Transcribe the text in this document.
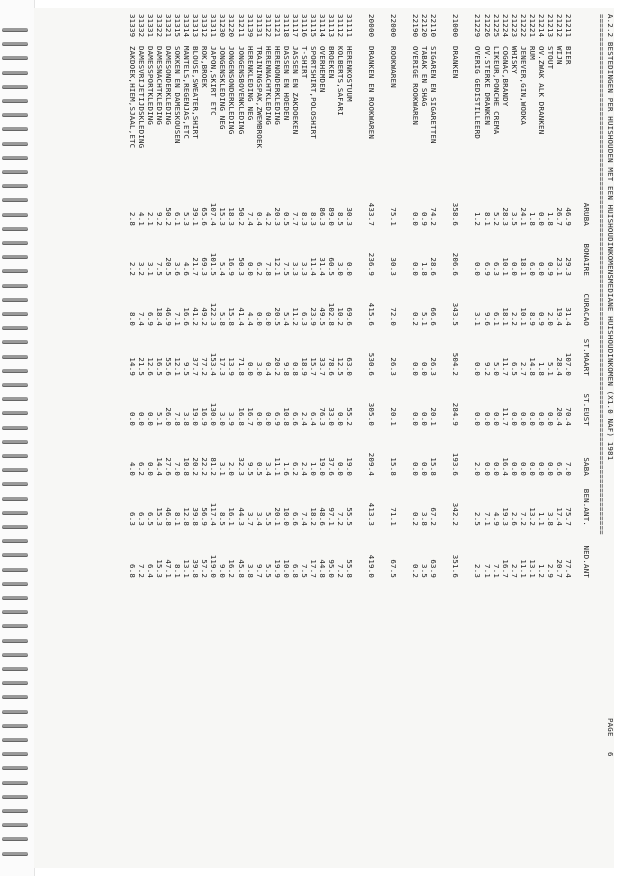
A.2.2 BESTEDINGEN PER HUISHOUDEN MET EEN HUISHOUDINKOMENSMEDIANE HUISHOUDINKOMEN (X1.0 NAF) 1981
================================================================================================================
PAGE
6
ARUBA
BONAIRE
CURACAO
ST.MAART
ST.EUST
SABA
BEN.ANT.
NED.ANT
21211
BIER
46.9
29.3
31.4
107.0
70.4
7.0
75.7
77.4
21212
WIJN
26.7
23.1
19.4
28.4
20.4
6.6
17.4
20.7
21213
STOUT
1.8
0.9
2.0
5.1
0.0
0.0
3.8
2.9
21214
OV.ZWAK ALK DRANKEN
0.0
0.0
0.9
1.8
0.0
0.0
1.1
1.2
21221
RUM
1.8
6.0
8.9
14.8
0.0
0.0
13.2
13.1
21222
JENEVER,GIN,WODKA
24.1
18.1
10.1
2.7
0.0
0.0
7.2
11.1
21223
WHISKY
3.5
0.0
2.2
6.5
0.0
0.0
2.6
2.7
21224
COGNAC,BRANDY
28.3
10.1
18.1
11.7
11.7
16.4
19.3
16.7
21225
LIKEUR,PONCHE CREMA
5.2
6.3
6.1
5.0
0.0
0.0
4.9
7.1
21226
OV.STERKE DRANKEN
8.1
6.9
9.6
9.2
0.0
0.0
7.1
7.1
21229
OVERIG GEDISTILLEERD
1.2
0.0
3.1
0.0
0.0
2.0
2.5
2.3
21000
DRANKEN
358.6
206.6
343.5
504.2
284.9
193.6
342.2
351.6
22110
SIGAREN EN SIGARETTEN
74.2
28.6
66.6
26.3
20.1
15.8
67.2
63.9
22120
TABAK EN SHAG
0.9
1.8
5.1
0.0
0.0
0.0
3.8
3.5
22190
OVERIGE ROOKWAREN
0.0
0.0
0.2
0.0
0.0
0.0
0.2
0.2
22000
ROOKWAREN
75.1
30.3
72.0
26.3
20.1
15.8
71.1
67.5
20000
DRANKEN EN ROOKWAREN
433.7
236.9
415.6
530.6
305.0
209.4
413.3
419.0
31111
HERENKOSTUUM
30.3
0.0
69.6
63.0
55.2
19.0
55.5
55.8
31112
KOLBERTS,SAFARI
8.5
3.0
10.2
12.5
0.0
0.0
7.2
7.2
31113
BROEKEN
89.0
60.5
102.8
78.6
33.0
37.6
97.1
95.0
31114
OVERHEMDEN
86.3
31.4
49.5
33.7
76.3
19.0
48.6
44.8
31115
SPORTSHIRT,POLOSHIRT
8.3
11.4
23.9
15.7
6.4
1.0
18.2
17.7
31116
T-SHIRT
8.3
3.3
6.3
18.9
2.4
2.4
7.4
7.5
31117
JASSEN EN ZAKDOEKEN
7.7
3.3
11.2
0.8
6.6
6.2
6.6
6.8
31118
DASSEN EN HOEDEN
0.5
7.5
5.4
9.8
10.8
1.6
10.0
10.0
31121
HERENONDERKLEDING
20.3
12.1
20.5
20.2
6.9
11.1
20.1
19.9
31122
HERENNACHTKLEDING
4.2
7.8
0.0
0.4
0.0
3.4
5.5
5.5
31131
TRAININGSPAK,ZWEMBROEK
0.4
6.2
0.0
3.0
0.0
0.5
3.4
9.7
31139
HERENKLEDING NEG
7.4
0.0
4.4
0.0
16.7
9.5
3.7
3.8
31211
JONGENSBOVENKLEDING
50.2
50.3
41.4
71.8
16.8
32.3
44.3
45.8
31220
JONGENSONDERKLEDING
18.3
16.9
15.8
13.9
3.9
2.0
16.1
16.2
31230
JONGENSKLEDING NEG
15.3
5.4
5.8
17.3
3.0
3.1
8.5
9.0
31311
JAPON,SKIRT ETC
107.4
101.5
122.3
153.4
130.0
81.2
117.4
119.0
31312
ROK,BROEK
65.6
69.3
49.2
77.2
16.9
22.2
56.9
57.2
31313
BLOUSE,SWEATER,SHIRT
39.1
21.7
41.2
37.7
19.0
20.2
39.8
39.8
31314
MANTELS,REGENJAS,ETC
5.3
4.6
16.6
9.5
3.8
10.8
12.8
13.1
31315
SOKKEN EN DAMESKOUSEN
6.1
3.6
7.1
12.1
7.8
7.0
8.1
8.1
31321
DAMESONDERKLEDING
50.2
20.5
46.9
55.6
26.0
27.6
46.8
47.1
31322
DAMESNACHTKLEDING
9.2
7.5
18.4
16.5
5.1
14.4
15.3
15.3
31331
DAMESSPORTKLEDING
2.1
3.1
6.9
12.6
0.0
0.0
6.5
6.4
31332
DAMESVRIJETIJDSKLEDING
4.1
3.2
7.4
21.5
0.0
6.2
6.3
7.2
31339
ZAKDOEK,HIEM,SJAAL,ETC
2.8
2.2
8.0
14.9
0.0
4.0
6.3
6.8
